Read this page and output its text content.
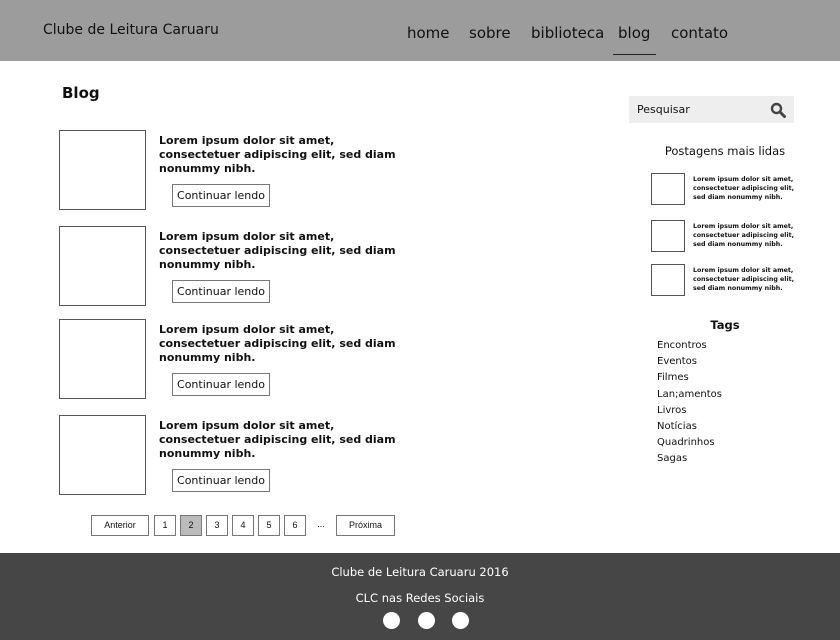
Clube de Leitura Caruaru	home sobre biblioteca blog	contato
Blog
Lorem ipsum dolor sit amet, consectetuer adipiscing elit, sed diam nonummy nibh.
Continuar lendo
Lorem ipsum dolor sit amet, consectetuer adipiscing elit, sed diam nonummy nibh.
Continuar lendo
Lorem ipsum dolor sit amet, consectetuer adipiscing elit, sed diam nonummy nibh.
Continuar lendo
Lorem ipsum dolor sit amet, consectetuer adipiscing elit, sed diam nonummy nibh.
Continuar lendo
Anterior	1	2	3	4	5	6	...	Próxima
Pesquisar
Postagens mais lidas
Lorem ipsum dolor sit amet, consectetuer adipiscing elit, sed diam nonummy nibh.
Lorem ipsum dolor sit amet, consectetuer adipiscing elit, sed diam nonummy nibh.
Lorem ipsum dolor sit amet, consectetuer adipiscing elit, sed diam nonummy nibh.
Tags
Encontros
Eventos
Filmes
Lan;amentos
Livros
Notícias
Quadrinhos
Sagas
Clube de Leitura Caruaru 2016
CLC nas Redes Sociais
